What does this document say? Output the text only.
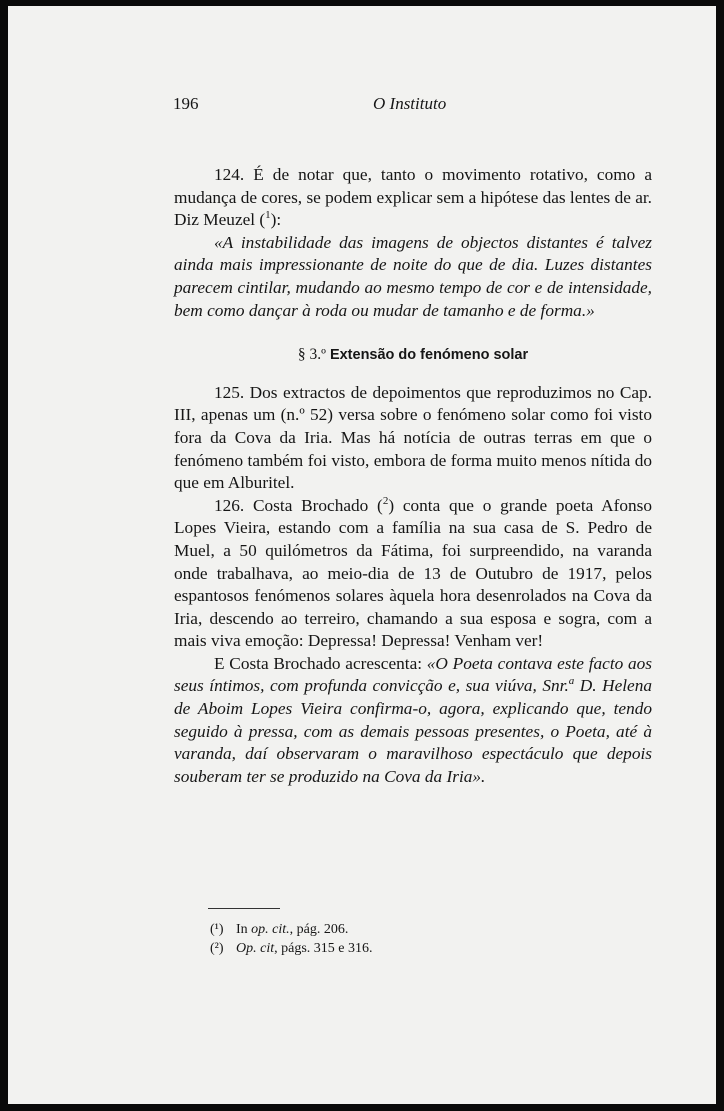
196	O Instituto

124. É de notar que, tanto o movimento rotativo, como a mudança de cores, se podem explicar sem a hipótese das lentes de ar. Diz Meuzel ($^1$):

«A instabilidade das imagens de objectos distantes é talvez ainda mais impressionante de noite do que de dia. Luzes distantes parecem cintilar, mudando ao mesmo tempo de cor e de intensidade, bem como dançar à roda ou mudar de tamanho e de forma.»

§ 3.º Extensão do fenómeno solar

125. Dos extractos de depoimentos que reproduzimos no Cap. III, apenas um (n.º 52) versa sobre o fenómeno solar como foi visto fora da Cova da Iria. Mas há notícia de outras terras em que o fenómeno também foi visto, embora de forma muito menos nítida do que em Alburitel.

126. Costa Brochado ($^2$) conta que o grande poeta Afonso Lopes Vieira, estando com a família na sua casa de S. Pedro de Muel, a 50 quilómetros da Fátima, foi surpreendido, na varanda onde trabalhava, ao meio-dia de 13 de Outubro de 1917, pelos espantosos fenómenos solares àquela hora desenrolados na Cova da Iria, descendo ao terreiro, chamando a sua esposa e sogra, com a mais viva emoção: Depressa! Depressa! Venham ver!

E Costa Brochado acrescenta: «O Poeta contava este facto aos seus íntimos, com profunda convicção e, sua viúva, Snr.$^a$ D. Helena de Aboim Lopes Vieira confirma-o, agora, explicando que, tendo seguido à pressa, com as demais pessoas presentes, o Poeta, até à varanda, daí observaram o maravilhoso espectáculo que depois souberam ter se produzido na Cova da Iria».

(¹) In op. cit., pág. 206.
(²) Op. cit, págs. 315 e 316.
